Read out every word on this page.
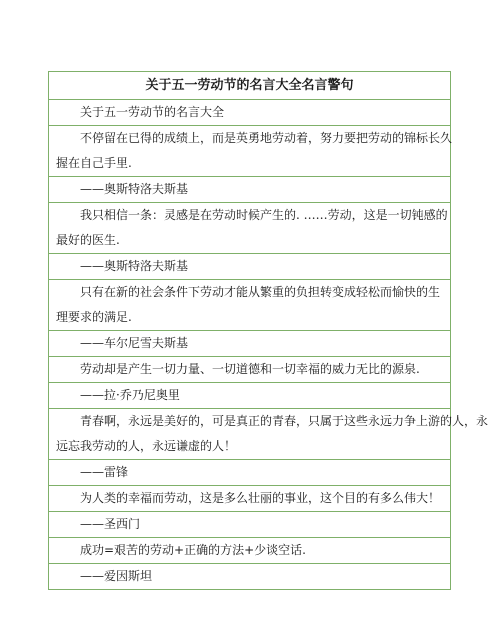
关于五一劳动节的名言大全名言警句
关于五一劳动节的名言大全
不停留在已得的成绩上，而是英勇地劳动着，努力要把劳动的锦标长久
握在自己手里.
——奥斯特洛夫斯基
我只相信一条：灵感是在劳动时候产生的. ……劳动，这是一切钝感的
最好的医生.
——奥斯特洛夫斯基
只有在新的社会条件下劳动才能从繁重的负担转变成轻松而愉快的生
理要求的满足.
——车尔尼雪夫斯基
劳动却是产生一切力量、一切道德和一切幸福的威力无比的源泉.
——拉·乔乃尼奥里
青春啊，永远是美好的，可是真正的青春，只属于这些永远力争上游的人，永
远忘我劳动的人，永远谦虚的人！
——雷锋
为人类的幸福而劳动，这是多么壮丽的事业，这个目的有多么伟大！
——圣西门
成功=艰苦的劳动+正确的方法+少谈空话.
——爱因斯坦
